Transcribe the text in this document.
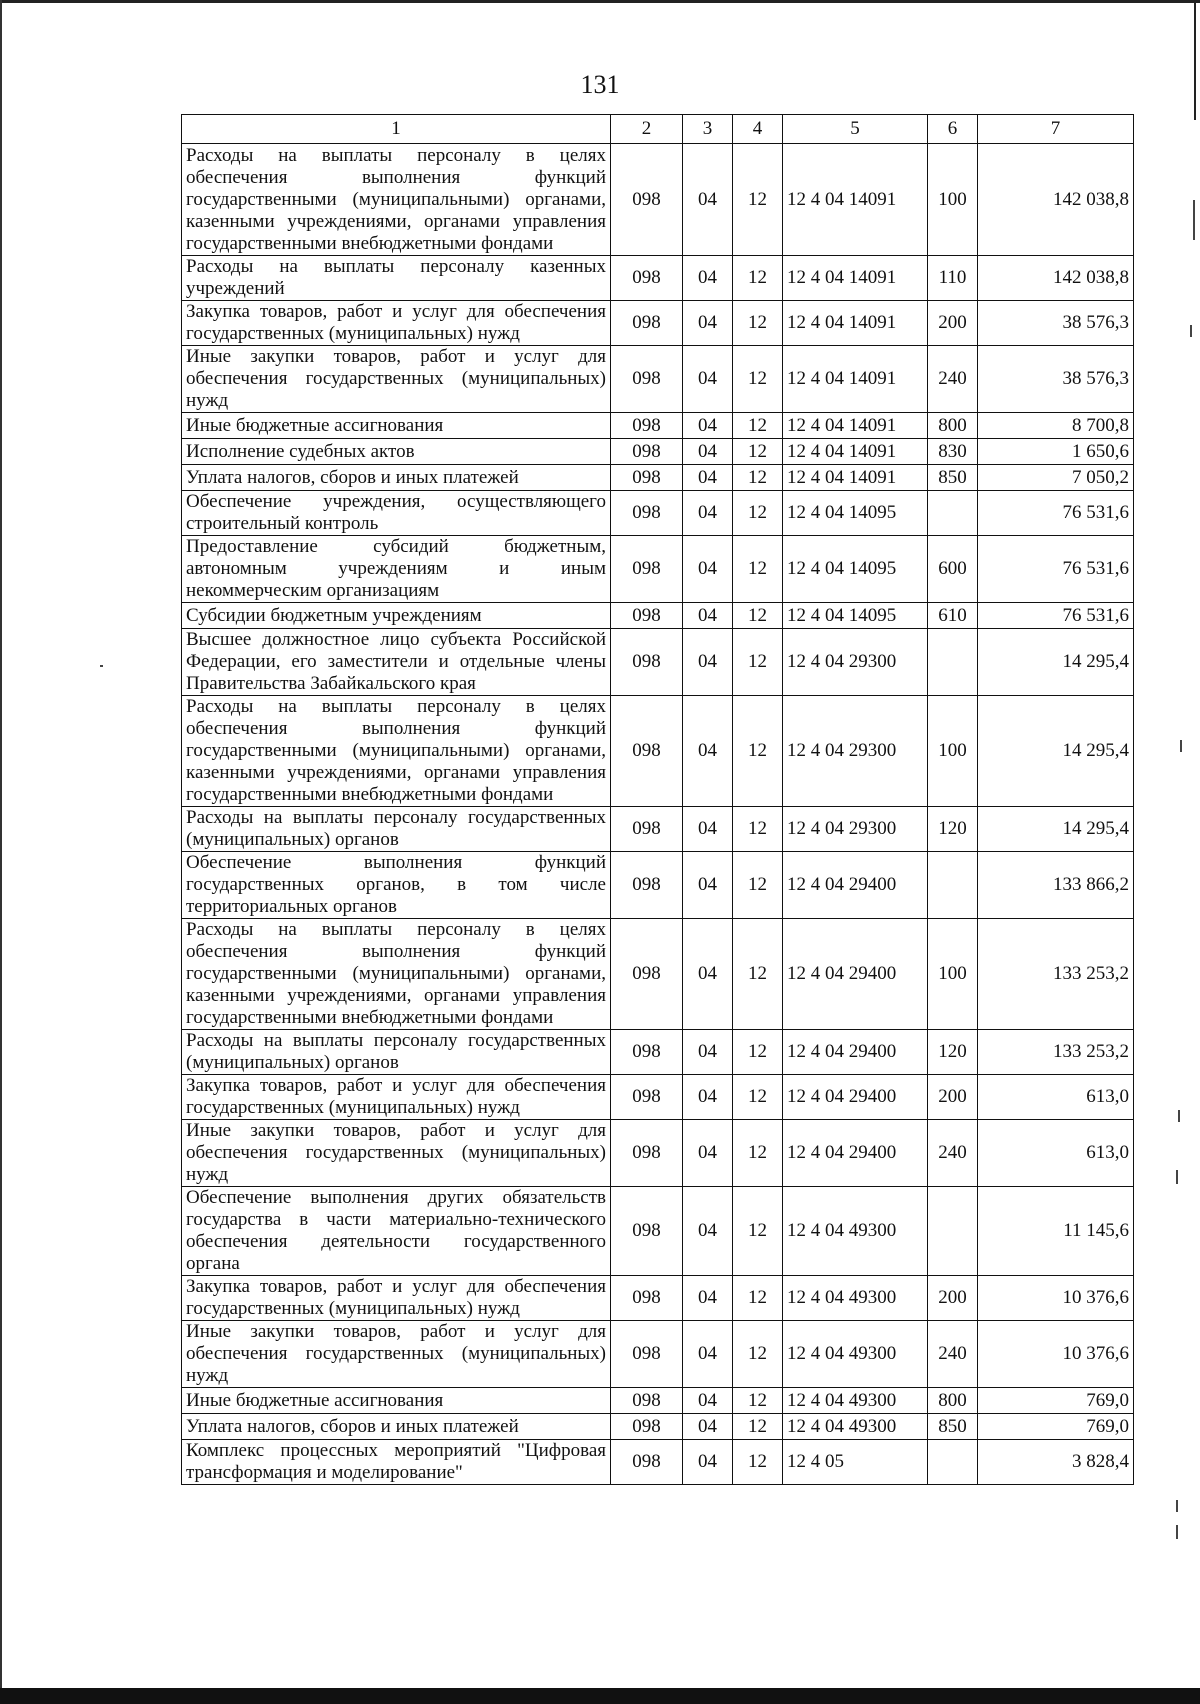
131
1	2	3	4	5	6	7
Расходы на выплаты персоналу в целях обеспечения выполнения функций государственными (муниципальными) органами, казенными учреждениями, органами управления государственными внебюджетными фондами	098	04	12	12 4 04 14091	100	142 038,8
Расходы на выплаты персоналу казенных учреждений	098	04	12	12 4 04 14091	110	142 038,8
Закупка товаров, работ и услуг для обеспечения государственных (муниципальных) нужд	098	04	12	12 4 04 14091	200	38 576,3
Иные закупки товаров, работ и услуг для обеспечения государственных (муниципальных) нужд	098	04	12	12 4 04 14091	240	38 576,3
Иные бюджетные ассигнования	098	04	12	12 4 04 14091	800	8 700,8
Исполнение судебных актов	098	04	12	12 4 04 14091	830	1 650,6
Уплата налогов, сборов и иных платежей	098	04	12	12 4 04 14091	850	7 050,2
Обеспечение учреждения, осуществляющего строительный контроль	098	04	12	12 4 04 14095		76 531,6
Предоставление субсидий бюджетным, автономным учреждениям и иным некоммерческим организациям	098	04	12	12 4 04 14095	600	76 531,6
Субсидии бюджетным учреждениям	098	04	12	12 4 04 14095	610	76 531,6
Высшее должностное лицо субъекта Российской Федерации, его заместители и отдельные члены Правительства Забайкальского края	098	04	12	12 4 04 29300		14 295,4
Расходы на выплаты персоналу в целях обеспечения выполнения функций государственными (муниципальными) органами, казенными учреждениями, органами управления государственными внебюджетными фондами	098	04	12	12 4 04 29300	100	14 295,4
Расходы на выплаты персоналу государственных (муниципальных) органов	098	04	12	12 4 04 29300	120	14 295,4
Обеспечение выполнения функций государственных органов, в том числе территориальных органов	098	04	12	12 4 04 29400		133 866,2
Расходы на выплаты персоналу в целях обеспечения выполнения функций государственными (муниципальными) органами, казенными учреждениями, органами управления государственными внебюджетными фондами	098	04	12	12 4 04 29400	100	133 253,2
Расходы на выплаты персоналу государственных (муниципальных) органов	098	04	12	12 4 04 29400	120	133 253,2
Закупка товаров, работ и услуг для обеспечения государственных (муниципальных) нужд	098	04	12	12 4 04 29400	200	613,0
Иные закупки товаров, работ и услуг для обеспечения государственных (муниципальных) нужд	098	04	12	12 4 04 29400	240	613,0
Обеспечение выполнения других обязательств государства в части материально-технического обеспечения деятельности государственного органа	098	04	12	12 4 04 49300		11 145,6
Закупка товаров, работ и услуг для обеспечения государственных (муниципальных) нужд	098	04	12	12 4 04 49300	200	10 376,6
Иные закупки товаров, работ и услуг для обеспечения государственных (муниципальных) нужд	098	04	12	12 4 04 49300	240	10 376,6
Иные бюджетные ассигнования	098	04	12	12 4 04 49300	800	769,0
Уплата налогов, сборов и иных платежей	098	04	12	12 4 04 49300	850	769,0
Комплекс процессных мероприятий "Цифровая трансформация и моделирование"	098	04	12	12 4 05		3 828,4
